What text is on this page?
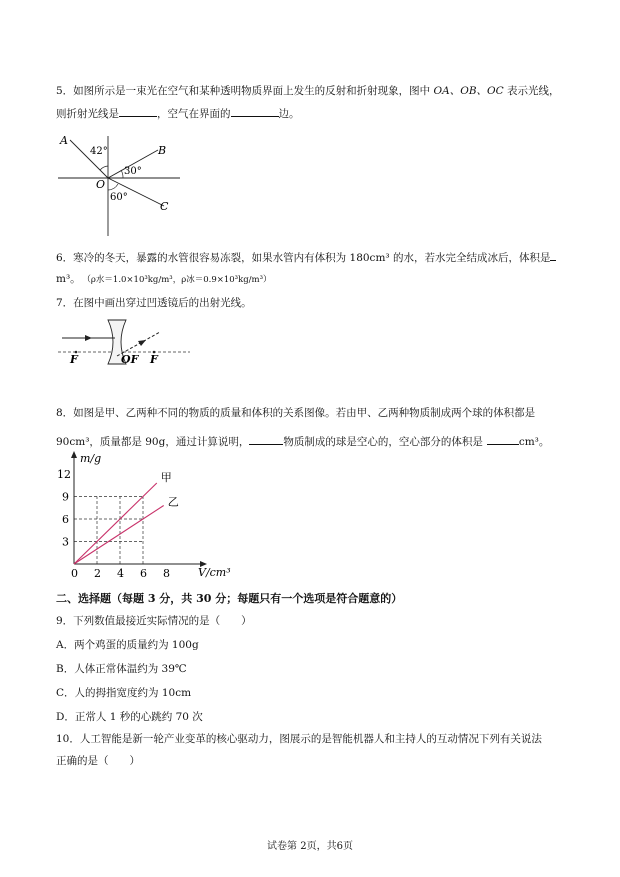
5．如图所示是一束光在空气和某种透明物质界面上发生的反射和折射现象，图中 OA、OB、OC 表示光线，
则折射光线是	，空气在界面的	边。
A
42°	B
30°
O
60°
C
6．寒冷的冬天，暴露的水管很容易冻裂，如果水管内有体积为 180cm³ 的水，若水完全结成冰后，体积是
m³。 （ρ水＝1.0×10³kg/m³，ρ冰＝0.9×10³kg/m³）
7．在图中画出穿过凹透镜后的出射光线。
F	OF F
8．如图是甲、乙两种不同的物质的质量和体积的关系图像。若由甲、乙两种物质制成两个球的体积都是
90cm³，质量都是 90g，通过计算说明，	物质制成的球是空心的，空心部分的体积是	cm³。
甲
乙
0 2 4 6 8
3
6
9
12
m/g
V/cm³
二、选择题（每题 3 分，共 30 分；每题只有一个选项是符合题意的）
9．下列数值最接近实际情况的是（　　）
A．两个鸡蛋的质量约为 100g
B．人体正常体温约为 39℃
C．人的拇指宽度约为 10cm
D．正常人 1 秒的心跳约 70 次
10．人工智能是新一轮产业变革的核心驱动力，图展示的是智能机器人和主持人的互动情况下列有关说法
正确的是（　　）
试卷第 2页，共6页
